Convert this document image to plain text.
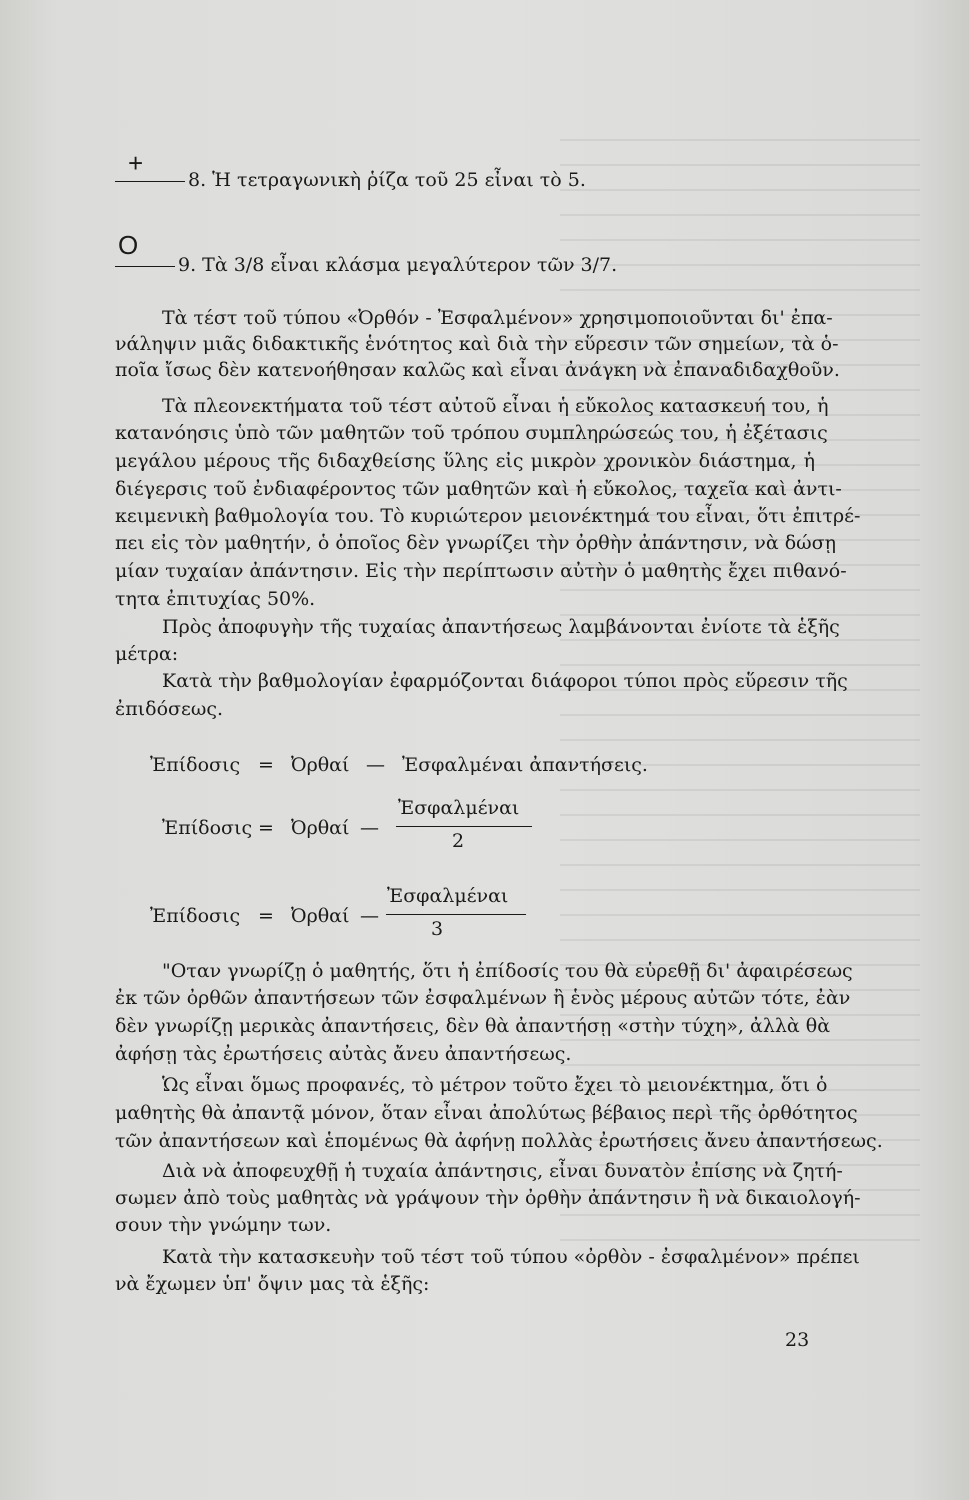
+
8. Ἡ τετραγωνικὴ ῥίζα τοῦ 25 εἶναι τὸ 5.
O
9. Τὰ 3/8 εἶναι κλάσμα μεγαλύτερον τῶν 3/7.
Τὰ τέστ τοῦ τύπου «Ὀρθόν - Ἐσφαλμένον» χρησιμοποιοῦνται δι' ἐπα-
νάληψιν μιᾶς διδακτικῆς ἑνότητος καὶ διὰ τὴν εὕρεσιν τῶν σημείων, τὰ ὁ-
ποῖα ἴσως δὲν κατενοήθησαν καλῶς καὶ εἶναι ἀνάγκη νὰ ἐπαναδιδαχθοῦν.
Τὰ πλεονεκτήματα τοῦ τέστ αὐτοῦ εἶναι ἡ εὔκολος κατασκευή του, ἡ
κατανόησις ὑπὸ τῶν μαθητῶν τοῦ τρόπου συμπληρώσεώς του, ἡ ἐξέτασις
μεγάλου μέρους τῆς διδαχθείσης ὕλης εἰς μικρὸν χρονικὸν διάστημα, ἡ
διέγερσις τοῦ ἐνδιαφέροντος τῶν μαθητῶν καὶ ἡ εὔκολος, ταχεῖα καὶ ἀντι-
κειμενικὴ βαθμολογία του. Τὸ κυριώτερον μειονέκτημά του εἶναι, ὅτι ἐπιτρέ-
πει εἰς τὸν μαθητήν, ὁ ὁποῖος δὲν γνωρίζει τὴν ὀρθὴν ἀπάντησιν, νὰ δώσῃ
μίαν τυχαίαν ἀπάντησιν. Εἰς τὴν περίπτωσιν αὐτὴν ὁ μαθητὴς ἔχει πιθανό-
τητα ἐπιτυχίας 50%.
Πρὸς ἀποφυγὴν τῆς τυχαίας ἀπαντήσεως λαμβάνονται ἐνίοτε τὰ ἑξῆς
μέτρα:
Κατὰ τὴν βαθμολογίαν ἐφαρμόζονται διάφοροι τύποι πρὸς εὕρεσιν τῆς
ἐπιδόσεως.
Ἐπίδοσις = Ὀρθαί — Ἐσφαλμέναι ἀπαντήσεις.
Ἐπίδοσις = Ὀρθαί —
Ἐσφαλμέναι
2
Ἐπίδοσις = Ὀρθαί —
Ἐσφαλμέναι
3
"Οταν γνωρίζῃ ὁ μαθητής, ὅτι ἡ ἐπίδοσίς του θὰ εὑρεθῇ δι' ἀφαιρέσεως
ἐκ τῶν ὀρθῶν ἀπαντήσεων τῶν ἐσφαλμένων ἢ ἑνὸς μέρους αὐτῶν τότε, ἐὰν
δὲν γνωρίζῃ μερικὰς ἀπαντήσεις, δὲν θὰ ἀπαντήσῃ «στὴν τύχη», ἀλλὰ θὰ
ἀφήσῃ τὰς ἐρωτήσεις αὐτὰς ἄνευ ἀπαντήσεως.
Ὡς εἶναι ὅμως προφανές, τὸ μέτρον τοῦτο ἔχει τὸ μειονέκτημα, ὅτι ὁ
μαθητὴς θὰ ἀπαντᾷ μόνον, ὅταν εἶναι ἀπολύτως βέβαιος περὶ τῆς ὀρθότητος
τῶν ἀπαντήσεων καὶ ἑπομένως θὰ ἀφήνῃ πολλὰς ἐρωτήσεις ἄνευ ἀπαντήσεως.
Διὰ νὰ ἀποφευχθῇ ἡ τυχαία ἀπάντησις, εἶναι δυνατὸν ἐπίσης νὰ ζητή-
σωμεν ἀπὸ τοὺς μαθητὰς νὰ γράψουν τὴν ὀρθὴν ἀπάντησιν ἢ νὰ δικαιολογή-
σουν τὴν γνώμην των.
Κατὰ τὴν κατασκευὴν τοῦ τέστ τοῦ τύπου «ὀρθὸν - ἐσφαλμένον» πρέπει
νὰ ἔχωμεν ὑπ' ὄψιν μας τὰ ἑξῆς:
23
